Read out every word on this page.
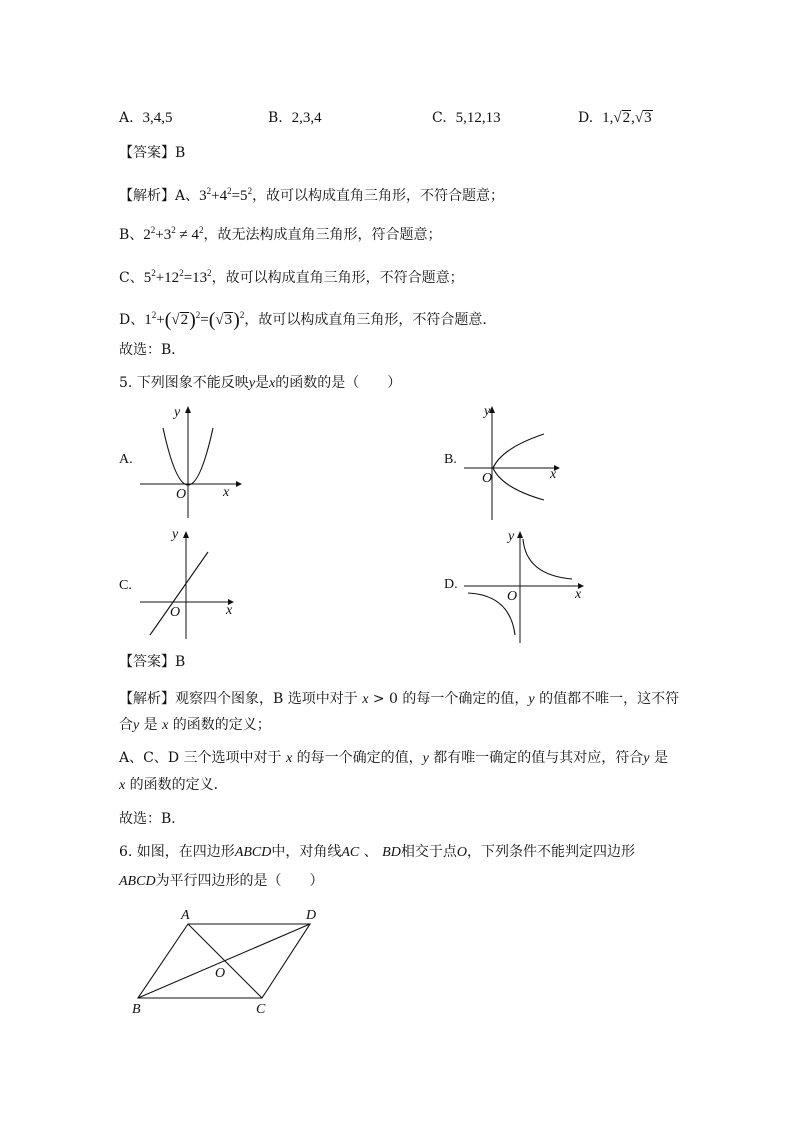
A. 3,4,5	B. 2,3,4	C. 5,12,13	D. 1,√2,√3
【答案】B
【解析】A、$3^2+4^2=5^2$，故可以构成直角三角形，不符合题意；
B、$2^2+3^2 \ne 4^2$，故无法构成直角三角形，符合题意；
C、$5^2+12^2=13^2$，故可以构成直角三角形，不符合题意；
D、$1^2+(√2)^2=(√3)^2$，故可以构成直角三角形，不符合题意.
故选：B．
5. 下列图象不能反映y是x的函数的是（　　）
A.
O	x
y
B.
O	x
y
C.
O	x
y
D.
O	x
y
【答案】B
【解析】观察四个图象，B 选项中对于 x > 0 的每一个确定的值，y 的值都不唯一，这不符
合y 是 x 的函数的定义；
A、C、D 三个选项中对于 x 的每一个确定的值，y 都有唯一确定的值与其对应，符合y 是
x 的函数的定义．
故选：B．
6. 如图，在四边形ABCD中，对角线AC 、 BD相交于点O，下列条件不能判定四边形
ABCD为平行四边形的是（　　）
A	D
B	C
O
